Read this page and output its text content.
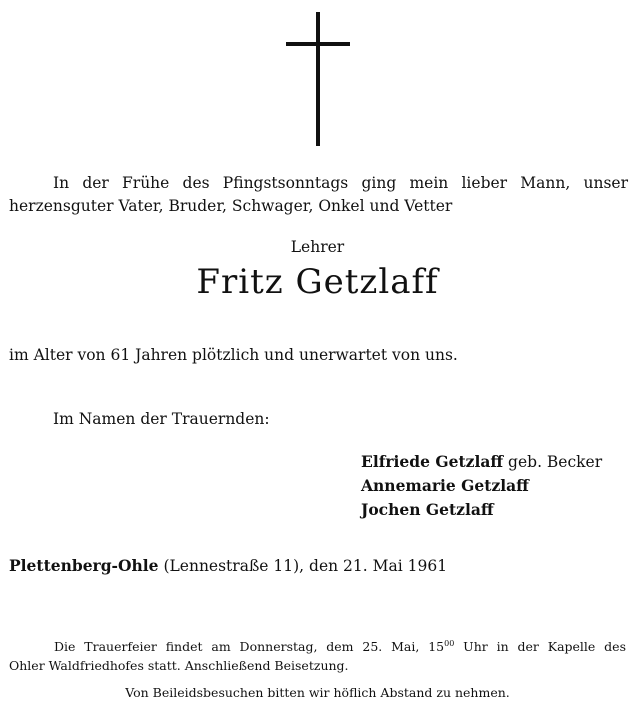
In der Frühe des Pfingstsonntags ging mein lieber Mann, unser
herzensguter Vater, Bruder, Schwager, Onkel und Vetter
Lehrer
Fritz Getzlaff
im Alter von 61 Jahren plötzlich und unerwartet von uns.
Im Namen der Trauernden:
Elfriede Getzlaff geb. Becker
Annemarie Getzlaff
Jochen Getzlaff
Plettenberg-Ohle (Lennestraße 11), den 21. Mai 1961
Die Trauerfeier findet am Donnerstag, dem 25. Mai, $15^{00}$ Uhr in der Kapelle des
Ohler Waldfriedhofes statt. Anschließend Beisetzung.
Von Beileidsbesuchen bitten wir höflich Abstand zu nehmen.
